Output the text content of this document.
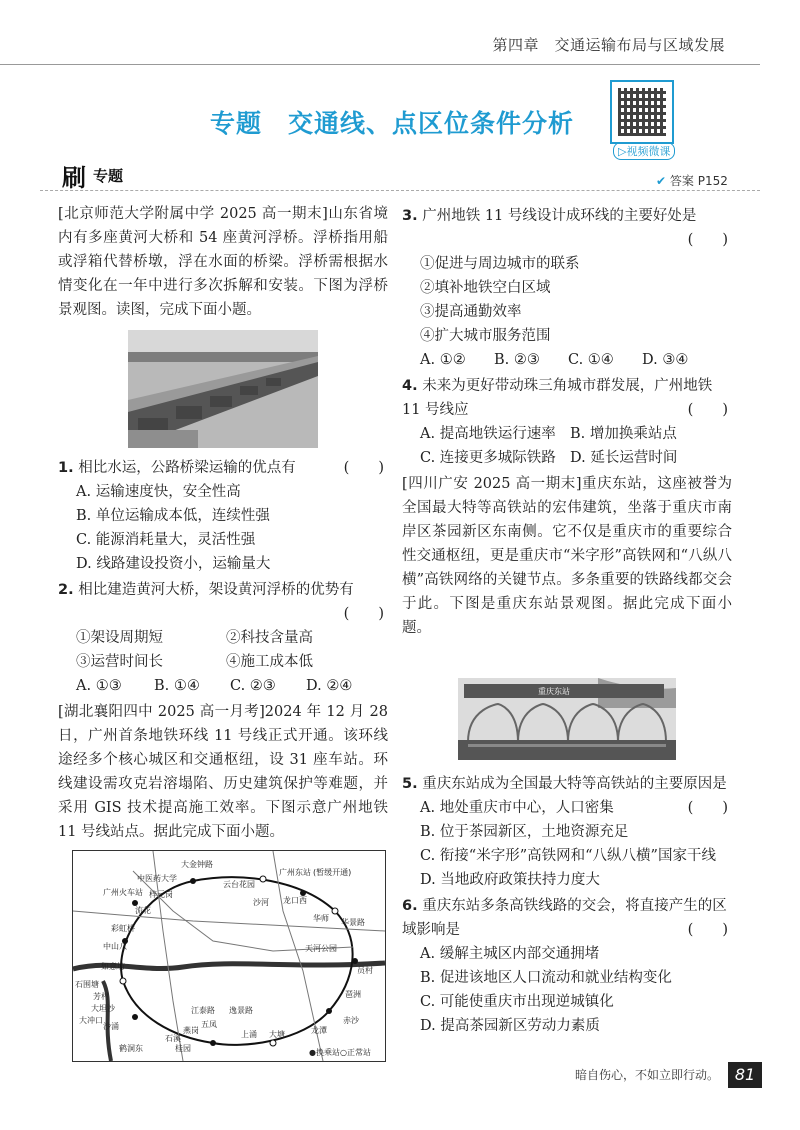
第四章　交通运输布局与区域发展
专题　交通线、点区位条件分析
▷视频微课
刷 专题	✔ 答案 P152

[北京师范大学附属中学 2025 高一期末]山东省境内有多座黄河大桥和 54 座黄河浮桥。浮桥指用船或浮箱代替桥墩，浮在水面的桥梁。浮桥需根据水情变化在一年中进行多次拆解和安装。下图为浮桥景观图。读图，完成下面小题。

1. 相比水运，公路桥梁运输的优点有	(　　)
A. 运输速度快，安全性高
B. 单位运输成本低，连续性强
C. 能源消耗量大，灵活性强
D. 线路建设投资小，运输量大
2. 相比建造黄河大桥，架设黄河浮桥的优势有
(　　)
①架设周期短	②科技含量高
③运营时间长	④施工成本低
A. ①③	B. ①④	C. ②③	D. ②④

[湖北襄阳四中 2025 高一月考]2024 年 12 月 28 日，广州首条地铁环线 11 号线正式开通。该环线途经多个核心城区和交通枢纽，设 31 座车站。环线建设需攻克岩溶塌陷、历史建筑保护等难题，并采用 GIS 技术提高施工效率。下图示意广州地铁 11 号线站点。据此完成下面小题。

大金钟路
中医药大学
广州火车站 梓元岗
云台花园
广州东站 (暂缓开通)
流花
沙河 龙口西
彩虹桥
华师 华景路
中山八	天河公园
如意坊	员村
石围塘
芳村
大坦沙
琶洲
大冲口
沙涌
江泰路 逸景路
赤沙
五凤
上涌 大塘	龙潭
燕岗
鹤洞东
石溪
桂园	●换乘站○正常站
3. 广州地铁 11 号线设计成环线的主要好处是
(　　)
①促进与周边城市的联系
②填补地铁空白区域
③提高通勤效率
④扩大城市服务范围
A. ①②	B. ②③	C. ①④	D. ③④
4. 未来为更好带动珠三角城市群发展，广州地铁 11 号线应	(　　)
A. 提高地铁运行速率 B. 增加换乘站点
C. 连接更多城际铁路 D. 延长运营时间

[四川广安 2025 高一期末]重庆东站，这座被誉为全国最大特等高铁站的宏伟建筑，坐落于重庆市南岸区茶园新区东南侧。它不仅是重庆市的重要综合性交通枢纽，更是重庆市“米字形”高铁网和“八纵八横”高铁网络的关键节点。多条重要的铁路线都交会于此。下图是重庆东站景观图。据此完成下面小题。

重庆东站
5. 重庆东站成为全国最大特等高铁站的主要原因是
(　　)
A. 地处重庆市中心，人口密集
B. 位于茶园新区，土地资源充足
C. 衔接“米字形”高铁网和“八纵八横”国家干线
D. 当地政府政策扶持力度大
6. 重庆东站多条高铁线路的交会，将直接产生的区域影响是	(　　)
A. 缓解主城区内部交通拥堵
B. 促进该地区人口流动和就业结构变化
C. 可能使重庆市出现逆城镇化
D. 提高茶园新区劳动力素质
暗自伤心，不如立即行动。 81
